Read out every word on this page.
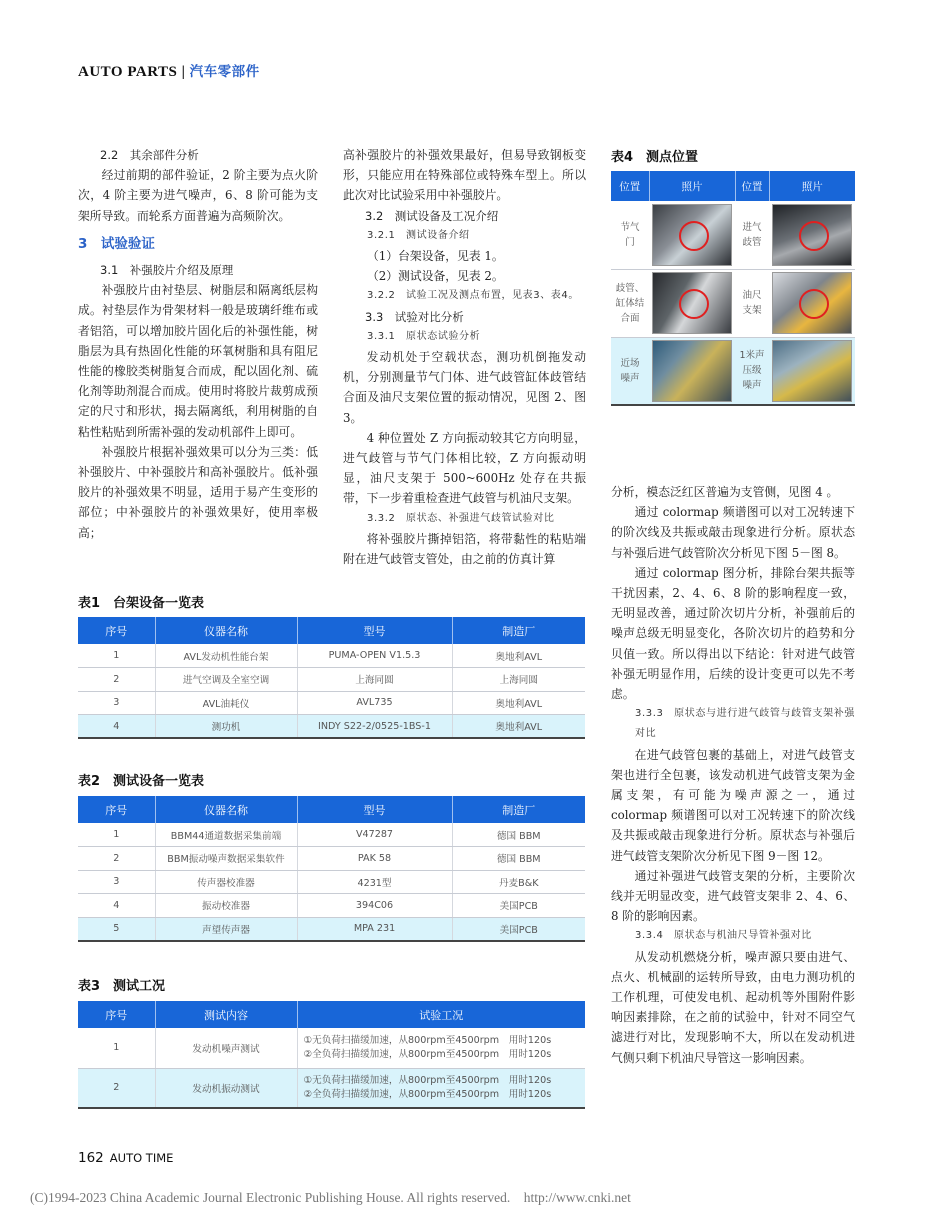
AUTO PARTS | 汽车零部件
2.2　其余部件分析

经过前期的部件验证，2 阶主要为点火阶次，4 阶主要为进气噪声，6、8 阶可能为支架所导致。而轮系方面普遍为高频阶次。

3　试验验证
3.1　补强胶片介绍及原理

补强胶片由衬垫层、树脂层和隔离纸层构成。衬垫层作为骨架材料一般是玻璃纤维布或者铝箔，可以增加胶片固化后的补强性能，树脂层为具有热固化性能的环氧树脂和具有阻尼性能的橡胶类树脂复合而成，配以固化剂、硫化剂等助剂混合而成。使用时将胶片裁剪成预定的尺寸和形状，揭去隔离纸，利用树脂的自粘性粘贴到所需补强的发动机部件上即可。

补强胶片根据补强效果可以分为三类：低补强胶片、中补强胶片和高补强胶片。低补强胶片的补强效果不明显，适用于易产生变形的部位；中补强胶片的补强效果好，使用率极高；

高补强胶片的补强效果最好，但易导致钢板变形，只能应用在特殊部位或特殊车型上。所以此次对比试验采用中补强胶片。

3.2　测试设备及工况介绍
3.2.1　测试设备介绍
（1）台架设备，见表 1。
（2）测试设备，见表 2。
3.2.2　试验工况及测点布置，见表3、表4。
3.3　试验对比分析
3.3.1　原状态试验分析

发动机处于空载状态，测功机倒拖发动机，分别测量节气门体、进气歧管缸体歧管结合面及油尺支架位置的振动情况，见图 2、图 3。

4 种位置处 Z 方向振动较其它方向明显，进气歧管与节气门体相比较，Z 方向振动明显，油尺支架于 500~600Hz 处存在共振带，下一步着重检查进气歧管与机油尺支架。

3.3.2　原状态、补强进气歧管试验对比

将补强胶片撕掉铝箔，将带黏性的粘贴端附在进气歧管支管处，由之前的仿真计算

分析，模态泛红区普遍为支管侧，见图 4 。

通过 colormap 频谱图可以对工况转速下的阶次线及共振或敲击现象进行分析。原状态与补强后进气歧管阶次分析见下图 5－图 8。

通过 colormap 图分析，排除台架共振等干扰因素，2、4、6、8 阶的影响程度一致，无明显改善，通过阶次切片分析，补强前后的噪声总级无明显变化，各阶次切片的趋势和分贝值一致。所以得出以下结论：针对进气歧管补强无明显作用，后续的设计变更可以先不考虑。

3.3.3　原状态与进行进气歧管与歧管支架补强对比

在进气歧管包裹的基础上，对进气歧管支架也进行全包裹，该发动机进气歧管支架为金属支架，有可能为噪声源之一，通过 colormap 频谱图可以对工况转速下的阶次线及共振或敲击现象进行分析。原状态与补强后进气歧管支架阶次分析见下图 9－图 12。

通过补强进气歧管支架的分析，主要阶次线并无明显改变，进气歧管支架非 2、4、6、8 阶的影响因素。

3.3.4　原状态与机油尺导管补强对比

从发动机燃烧分析，噪声源只要由进气、点火、机械副的运转所导致，由电力测功机的工作机理，可使发电机、起动机等外围附件影响因素排除，在之前的试验中，针对不同空气滤进行对比，发现影响不大，所以在发动机进气侧只剩下机油尺导管这一影响因素。

表4　测点位置
位置	照片	位置	照片
节气
门		进气
歧管	

歧管、
缸体结
合面		油尺
支架	

近场
噪声		1米声
压级
噪声	
表1　台架设备一览表
序号	仪器名称	型号	制造厂
1	AVL发动机性能台架	PUMA-OPEN V1.5.3	奥地利AVL
2	进气空调及全室空调	上海同圆	上海同圆
3	AVL油耗仪	AVL735	奥地利AVL
4	测功机	INDY S22-2/0525-1BS-1	奥地利AVL
表2　测试设备一览表
序号	仪器名称	型号	制造厂
1	BBM44通道数据采集前端	V47287	德国 BBM
2	BBM振动噪声数据采集软件	PAK 58	德国 BBM
3	传声器校准器	4231型	丹麦B&K
4	振动校准器	394C06	美国PCB
5	声望传声器	MPA 231	美国PCB
表3　测试工况
序号	测试内容	试验工况
1	发动机噪声测试	①无负荷扫描缓加速，从800rpm至4500rpm　用时120s
②全负荷扫描缓加速，从800rpm至4500rpm　用时120s
2	发动机振动测试	①无负荷扫描缓加速，从800rpm至4500rpm　用时120s
②全负荷扫描缓加速，从800rpm至4500rpm　用时120s
162 AUTO TIME
(C)1994-2023 China Academic Journal Electronic Publishing House. All rights reserved.　http://www.cnki.net
